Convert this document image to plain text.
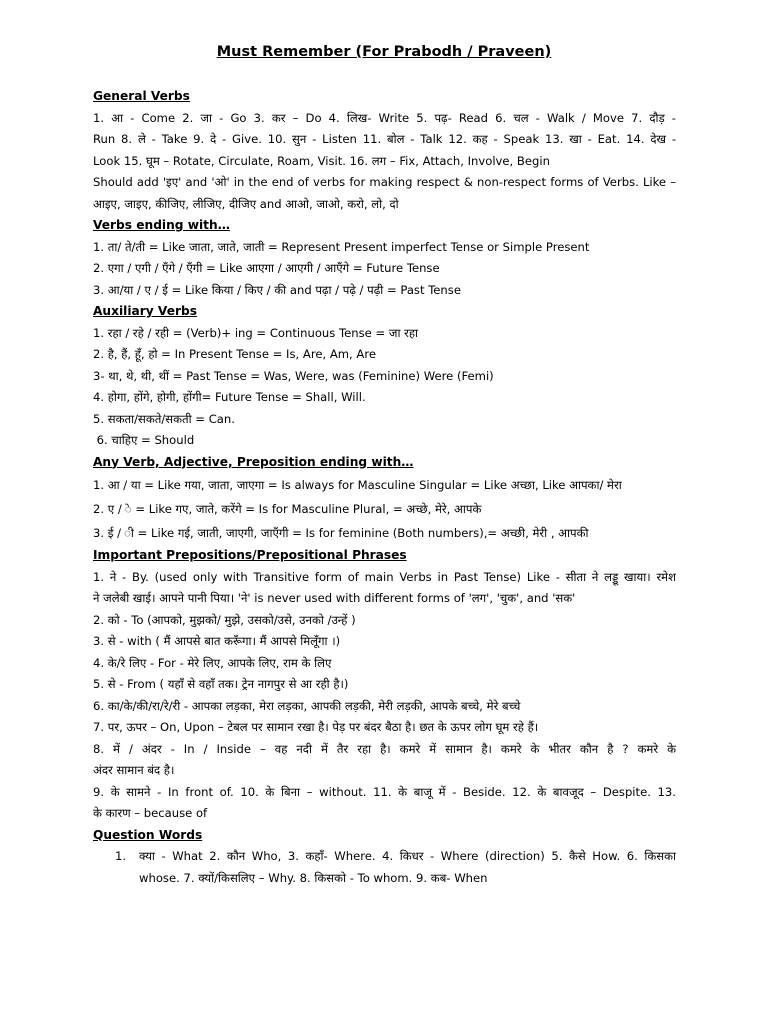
Must Remember (For Prabodh / Praveen)
General Verbs
1. आ - Come 2. जा - Go 3. कर – Do 4. लिख- Write 5. पढ़- Read 6. चल - Walk / Move 7. दौड़ -
Run 8. ले - Take 9. दे - Give. 10. सुन - Listen 11. बोल - Talk 12. कह - Speak 13. खा - Eat. 14. देख -
Look 15. घूम – Rotate, Circulate, Roam, Visit. 16. लग – Fix, Attach, Involve, Begin
Should add 'इए' and 'ओ' in the end of verbs for making respect & non-respect forms of Verbs. Like –
आइए, जाइए, कीजिए, लीजिए, दीजिए and आओ, जाओ, करो, लो, दो
Verbs ending with…
1. ता/ ते/ती = Like जाता, जाते, जाती = Represent Present imperfect Tense or Simple Present
2. एगा / एगी / एँगे / एँगी = Like आएगा / आएगी / आएँगे = Future Tense
3. आ/या / ए / ई = Like किया / किए / की and पढ़ा / पढ़े / पढ़ी = Past Tense
Auxiliary Verbs
1. रहा / रहे / रही = (Verb)+ ing = Continuous Tense = जा रहा
2. है, हैं, हूँ, हो = In Present Tense = Is, Are, Am, Are
3- था, थे, थी, थीं = Past Tense = Was, Were, was (Feminine) Were (Femi)
4. होगा, होंगे, होगी, होंगी= Future Tense = Shall, Will.
5. सकता/सकते/सकती = Can.
6. चाहिए = Should
Any Verb, Adjective, Preposition ending with…
1. आ / या = Like गया, जाता, जाएगा = Is always for Masculine Singular = Like अच्छा, Like आपका/ मेरा
2. ए / े = Like गए, जाते, करेंगे = Is for Masculine Plural, = अच्छे, मेरे, आपके
3. ई / ी = Like गई, जाती, जाएगी, जाएँगी = Is for feminine (Both numbers),= अच्छी, मेरी , आपकी
Important Prepositions/Prepositional Phrases
1. ने - By. (used only with Transitive form of main Verbs in Past Tense) Like - सीता ने लड्डू खाया। रमेश
ने जलेबी खाई। आपने पानी पिया। 'ने' is never used with different forms of 'लग', 'चुक', and 'सक'
2. को - To (आपको, मुझको/ मुझे, उसको/उसे, उनको /उन्हें )
3. से - with ( मैं आपसे बात करूँगा। मैं आपसे मिलूँगा ।)
4. के/रे लिए - For - मेरे लिए, आपके लिए, राम के लिए
5. से - From ( यहाँ से वहाँ तक। ट्रेन नागपुर से आ रही है।)
6. का/के/की/रा/रे/री - आपका लड़का, मेरा लड़का, आपकी लड़की, मेरी लड़की, आपके बच्चे, मेरे बच्चे
7. पर, ऊपर – On, Upon – टेबल पर सामान रखा है। पेड़ पर बंदर बैठा है। छत के ऊपर लोग घूम रहे हैं।
8. में / अंदर - In / Inside – वह नदी में तैर रहा है। कमरे में सामान है। कमरे के भीतर कौन है ? कमरे के
अंदर सामान बंद है।
9. के सामने - In front of. 10. के बिना – without. 11. के बाजू में - Beside. 12. के बावजूद – Despite. 13.
के कारण – because of
Question Words
1.	क्या - What 2. कौन Who, 3. कहाँ- Where. 4. किधर - Where (direction) 5. कैसे How. 6. किसका
whose. 7. क्यों/किसलिए – Why. 8. किसको - To whom. 9. कब- When
